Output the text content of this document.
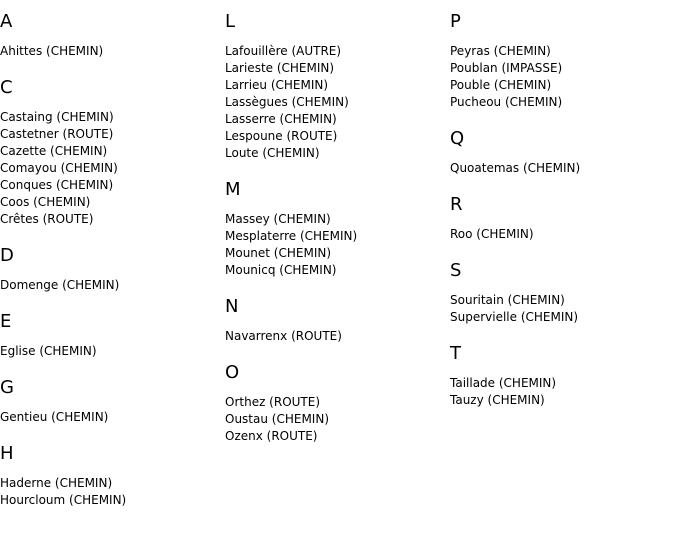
A
Ahittes (CHEMIN)
C
Castaing (CHEMIN)
Castetner (ROUTE)
Cazette (CHEMIN)
Comayou (CHEMIN)
Conques (CHEMIN)
Coos (CHEMIN)
Crêtes (ROUTE)
D
Domenge (CHEMIN)
E
Eglise (CHEMIN)
G
Gentieu (CHEMIN)
H
Haderne (CHEMIN)
Hourcloum (CHEMIN)
L
Lafouillère (AUTRE)
Larieste (CHEMIN)
Larrieu (CHEMIN)
Lassègues (CHEMIN)
Lasserre (CHEMIN)
Lespoune (ROUTE)
Loute (CHEMIN)
M
Massey (CHEMIN)
Mesplaterre (CHEMIN)
Mounet (CHEMIN)
Mounicq (CHEMIN)
N
Navarrenx (ROUTE)
O
Orthez (ROUTE)
Oustau (CHEMIN)
Ozenx (ROUTE)
P
Peyras (CHEMIN)
Poublan (IMPASSE)
Pouble (CHEMIN)
Pucheou (CHEMIN)
Q
Quoatemas (CHEMIN)
R
Roo (CHEMIN)
S
Souritain (CHEMIN)
Supervielle (CHEMIN)
T
Taillade (CHEMIN)
Tauzy (CHEMIN)
